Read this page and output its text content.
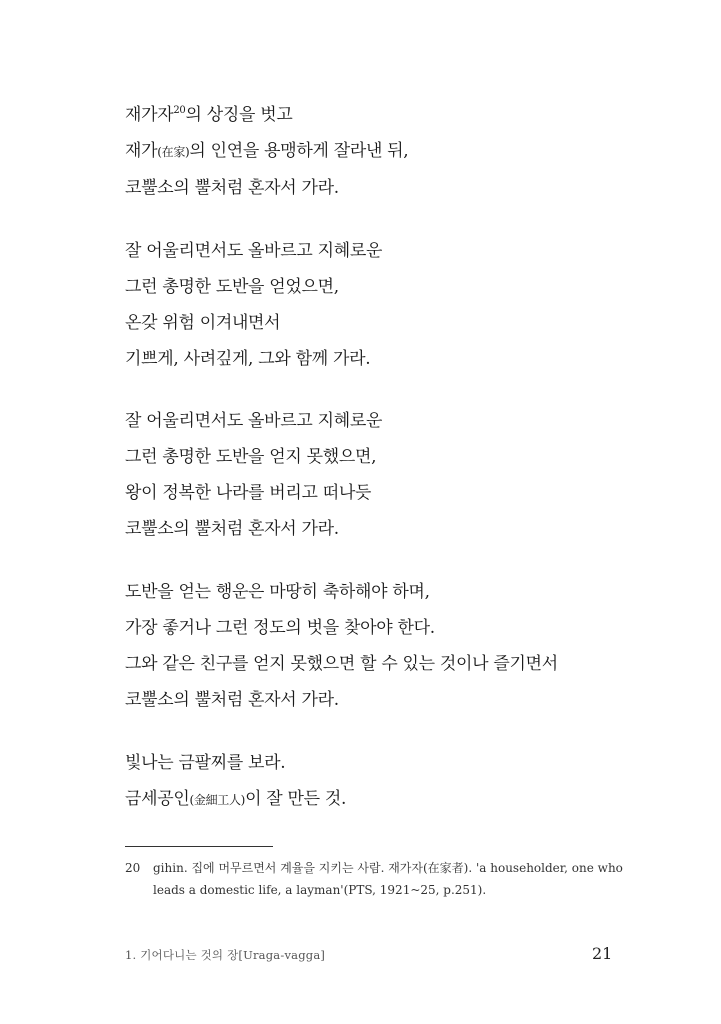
재가자$^{20}$의 상징을 벗고
재가(在家)의 인연을 용맹하게 잘라낸 뒤,
코뿔소의 뿔처럼 혼자서 가라.
잘 어울리면서도 올바르고 지혜로운
그런 총명한 도반을 얻었으면,
온갖 위험 이겨내면서
기쁘게, 사려깊게, 그와 함께 가라.
잘 어울리면서도 올바르고 지혜로운
그런 총명한 도반을 얻지 못했으면,
왕이 정복한 나라를 버리고 떠나듯
코뿔소의 뿔처럼 혼자서 가라.
도반을 얻는 행운은 마땅히 축하해야 하며,
가장 좋거나 그런 정도의 벗을 찾아야 한다.
그와 같은 친구를 얻지 못했으면 할 수 있는 것이나 즐기면서
코뿔소의 뿔처럼 혼자서 가라.
빛나는 금팔찌를 보라.
금세공인(金細工人)이 잘 만든 것.
20 gihin. 집에 머무르면서 계율을 지키는 사람. 재가자(在家者). 'a householder, one who
leads a domestic life, a layman'(PTS, 1921~25, p.251).
1. 기어다니는 것의 장[Uraga-vagga]	21
